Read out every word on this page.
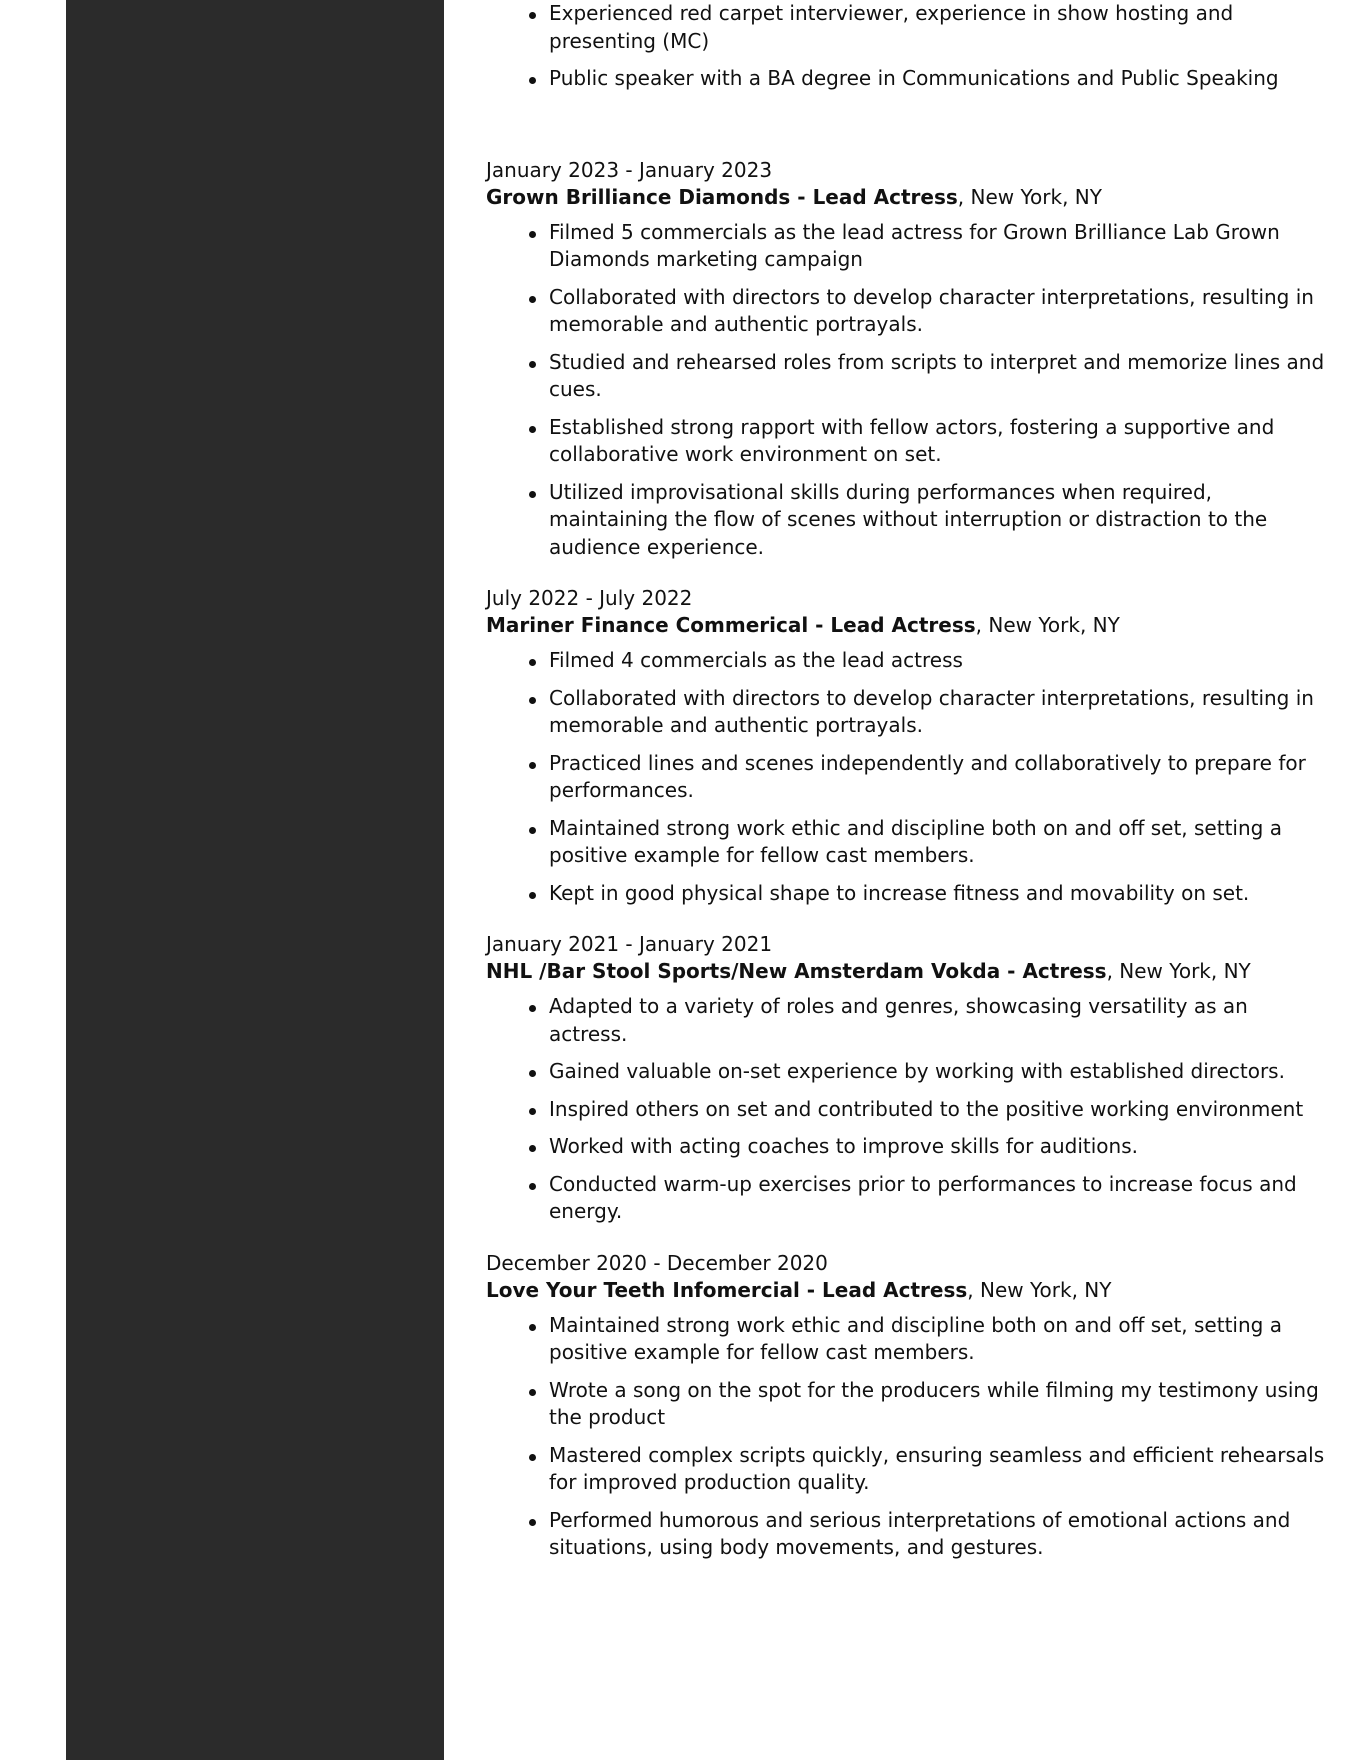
Experienced red carpet interviewer, experience in show hosting and presenting (MC)
Public speaker with a BA degree in Communications and Public Speaking
January 2023 - January 2023
Grown Brilliance Diamonds - Lead Actress, New York, NY
Filmed 5 commercials as the lead actress for Grown Brilliance Lab Grown Diamonds marketing campaign
Collaborated with directors to develop character interpretations, resulting in memorable and authentic portrayals.
Studied and rehearsed roles from scripts to interpret and memorize lines and cues.
Established strong rapport with fellow actors, fostering a supportive and collaborative work environment on set.
Utilized improvisational skills during performances when required, maintaining the flow of scenes without interruption or distraction to the audience experience.
July 2022 - July 2022
Mariner Finance Commerical - Lead Actress, New York, NY
Filmed 4 commercials as the lead actress
Collaborated with directors to develop character interpretations, resulting in memorable and authentic portrayals.
Practiced lines and scenes independently and collaboratively to prepare for performances.
Maintained strong work ethic and discipline both on and off set, setting a positive example for fellow cast members.
Kept in good physical shape to increase fitness and movability on set.
January 2021 - January 2021
NHL /Bar Stool Sports/New Amsterdam Vokda - Actress, New York, NY
Adapted to a variety of roles and genres, showcasing versatility as an actress.
Gained valuable on-set experience by working with established directors.
Inspired others on set and contributed to the positive working environment
Worked with acting coaches to improve skills for auditions.
Conducted warm-up exercises prior to performances to increase focus and energy.
December 2020 - December 2020
Love Your Teeth Infomercial - Lead Actress, New York, NY
Maintained strong work ethic and discipline both on and off set, setting a positive example for fellow cast members.
Wrote a song on the spot for the producers while filming my testimony using the product
Mastered complex scripts quickly, ensuring seamless and efficient rehearsals for improved production quality.
Performed humorous and serious interpretations of emotional actions and situations, using body movements, and gestures.
